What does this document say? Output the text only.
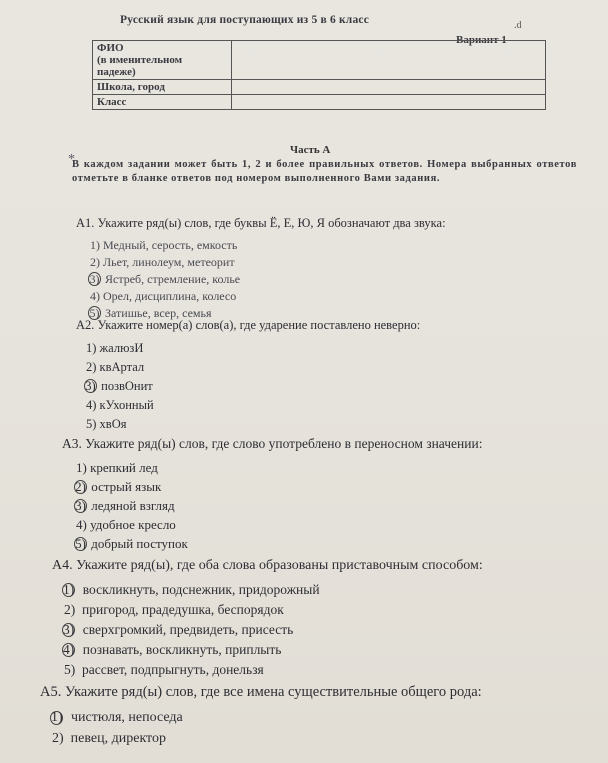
Русский язык для поступающих из 5 в 6 класс	.d
Вариант 1
ФИО
(в именительном
падеже)	
Школа, город	
Класс	
Часть А
*
В каждом задании может быть 1, 2 и более правильных ответов. Номера выбранных ответов отметьте в бланке ответов под номером выполненного Вами задания.
А1. Укажите ряд(ы) слов, где буквы Ё, Е, Ю, Я обозначают два звука:
1) Медный, серость, емкость
2) Льет, линолеум, метеорит
3) Ястреб, стремление, колье
4) Орел, дисциплина, колесо
5) Затишье, всер, семья
А2. Укажите номер(а) слов(а), где ударение поставлено неверно:
1) жалюзИ
2) квАртал
3) позвОнит
4) кУхонный
5) хвОя
А3. Укажите ряд(ы) слов, где слово употреблено в переносном значении:
1) крепкий лед
2) острый язык
3) ледяной взгляд
4) удобное кресло
5) добрый поступок
А4. Укажите ряд(ы), где оба слова образованы приставочным способом:
1) воскликнуть, подснежник, придорожный
2) пригород, прадедушка, беспорядок
3) сверхгромкий, предвидеть, присесть
4) познавать, воскликнуть, приплыть
5) рассвет, подпрыгнуть, донельзя
А5. Укажите ряд(ы) слов, где все имена существительные общего рода:
1) чистюля, непоседа
2) певец, директор
